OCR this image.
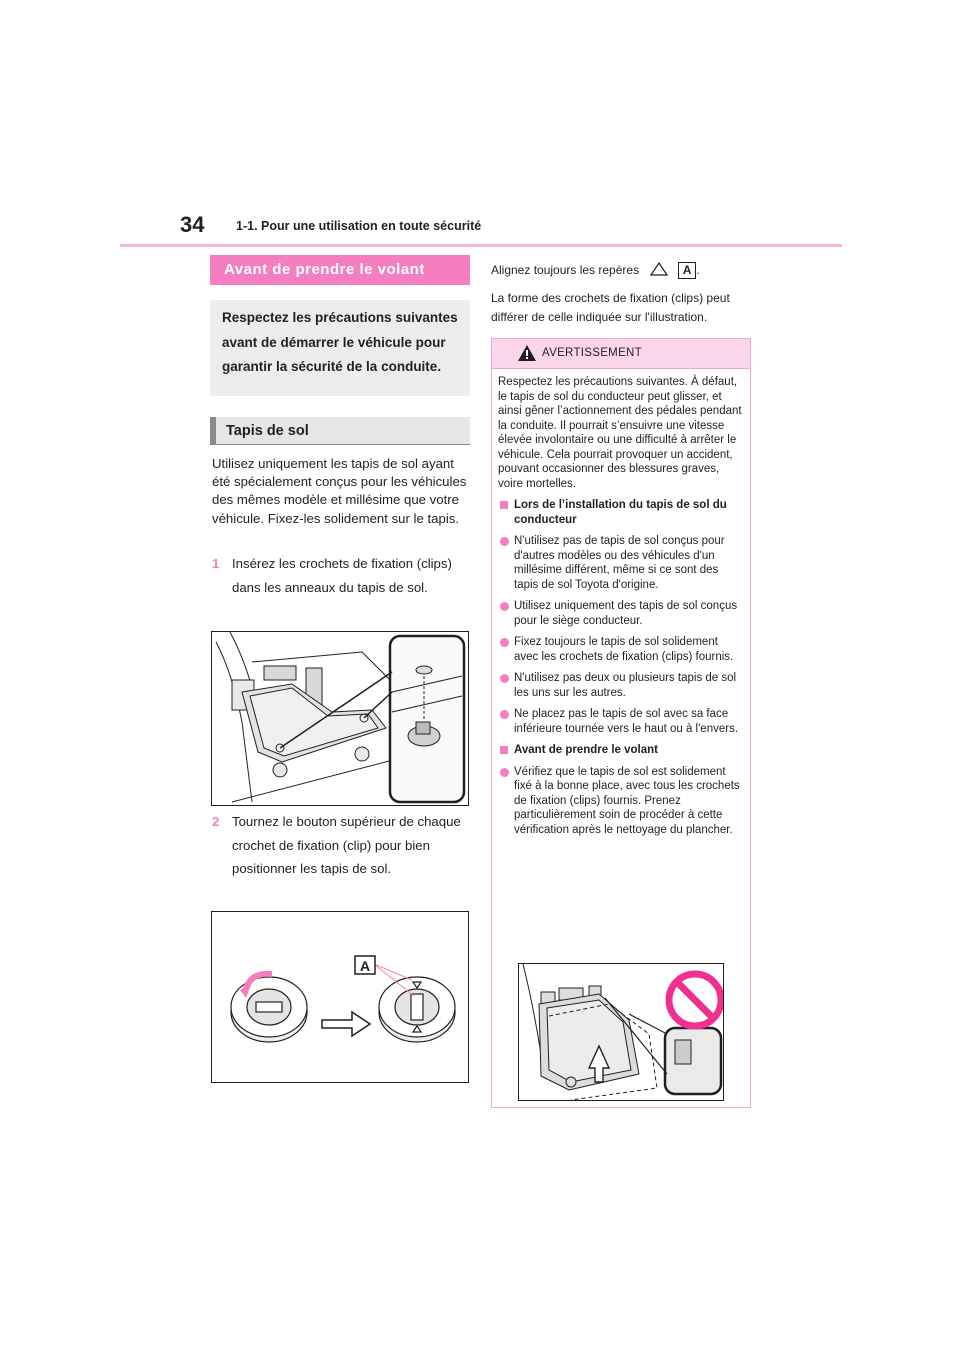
34	1-1. Pour une utilisation en toute sécurité
Avant de prendre le volant
Respectez les précautions suivantes avant de démarrer le véhicule pour garantir la sécurité de la conduite.
Tapis de sol
Utilisez uniquement les tapis de sol ayant été spécialement conçus pour les véhicules des mêmes modèle et millésime que votre véhicule. Fixez-les solidement sur le tapis.
1 Insérez les crochets de fixation (clips) dans les anneaux du tapis de sol.
2 Tournez le bouton supérieur de chaque crochet de fixation (clip) pour bien positionner les tapis de sol.
A
Alignez toujours les repères	A .
La forme des crochets de fixation (clips) peut différer de celle indiquée sur l'illustration.
AVERTISSEMENT

Respectez les précautions suivantes. À défaut, le tapis de sol du conducteur peut glisser, et ainsi gêner l’actionnement des pédales pendant la conduite. Il pourrait s’ensuivre une vitesse élevée involontaire ou une difficulté à arrêter le véhicule. Cela pourrait provoquer un accident, pouvant occasionner des blessures graves, voire mortelles.

Lors de l’installation du tapis de sol du conducteur
N'utilisez pas de tapis de sol conçus pour d'autres modèles ou des véhicules d'un millésime différent, même si ce sont des tapis de sol Toyota d'origine.
Utilisez uniquement des tapis de sol conçus pour le siège conducteur.
Fixez toujours le tapis de sol solidement avec les crochets de fixation (clips) fournis.
N'utilisez pas deux ou plusieurs tapis de sol les uns sur les autres.
Ne placez pas le tapis de sol avec sa face inférieure tournée vers le haut ou à l'envers.
Avant de prendre le volant
Vérifiez que le tapis de sol est solidement fixé à la bonne place, avec tous les crochets de fixation (clips) fournis. Prenez particulièrement soin de procéder à cette vérification après le nettoyage du plancher.
